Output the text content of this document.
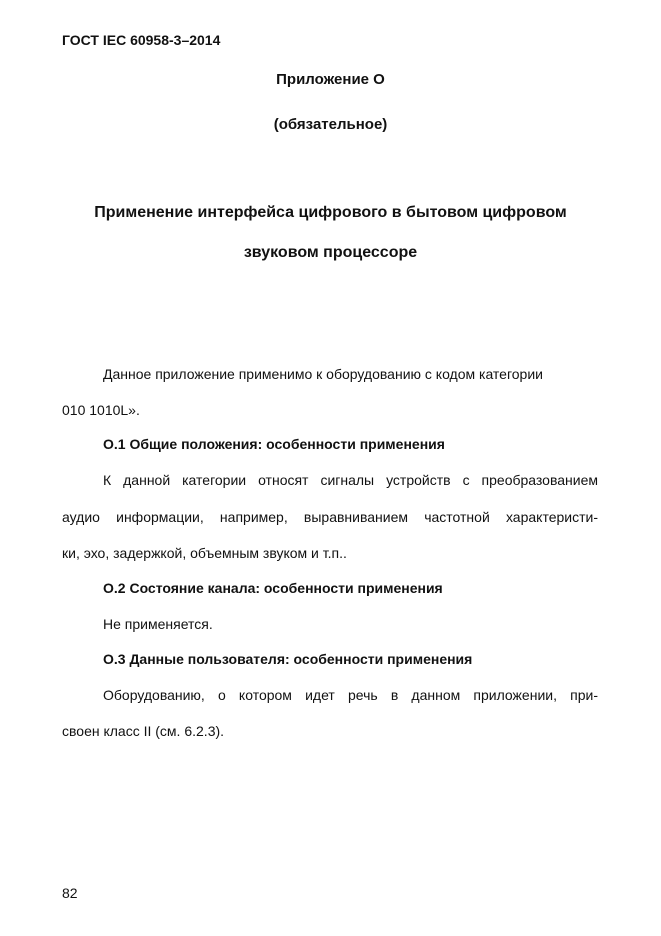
ГОСТ IEC 60958-3–2014
Приложение О
(обязательное)
Применение интерфейса цифрового в бытовом цифровом
звуковом процессоре
Данное приложение применимо к оборудованию с кодом категории
010 1010L».
О.1 Общие положения: особенности применения
К данной категории относят сигналы устройств с преобразованием
аудио информации, например, выравниванием частотной характеристи-
ки, эхо, задержкой, объемным звуком и т.п..
О.2 Состояние канала: особенности применения
Не применяется.
О.3 Данные пользователя: особенности применения
Оборудованию, о котором идет речь в данном приложении, при-
своен класс II (см. 6.2.3).
82
